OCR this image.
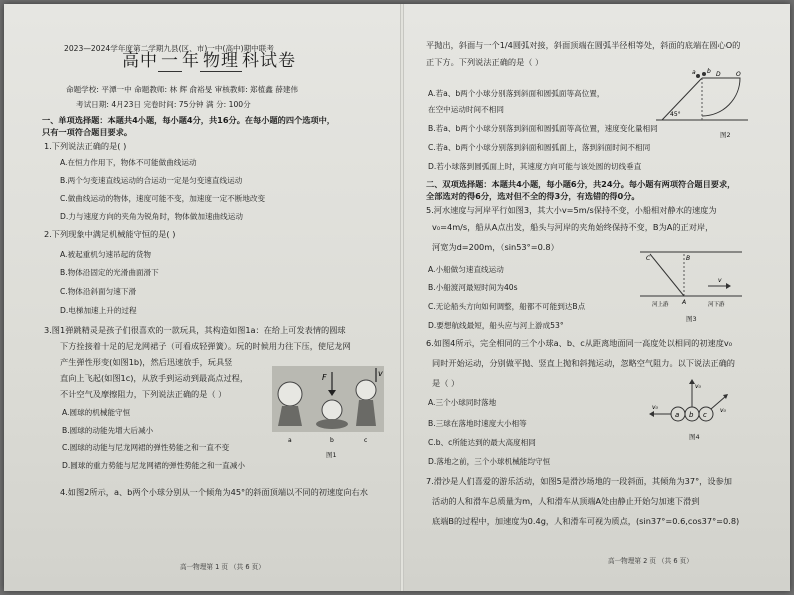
2023—2024学年度第二学期九县(区、市)一中(高中)期中联考
高中 一 年 物理 科试卷
命题学校: 平潭一中 命题教师: 林 辉 俞裕旻 审核教师: 郑植鑫 薛建伟
考试日期: 4月23日 完卷时间: 75分钟 满 分: 100分
一、单项选择题：本题共4小题，每小题4分，共16分。在每小题的四个选项中，
只有一项符合题目要求。
1.下列说法正确的是( )
A.在恒力作用下，物体不可能做曲线运动
B.两个匀变速直线运动的合运动一定是匀变速直线运动
C.做曲线运动的物体，速度可能不变，加速度一定不断地改变
D.力与速度方向的夹角为锐角时，物体做加速曲线运动
2.下列现象中满足机械能守恒的是( )
A.被起重机匀速吊起的货物
B.物体沿固定的光滑曲面滑下
C.物体沿斜面匀速下滑
D.电梯加速上升的过程
3.图1弹跳精灵是孩子们很喜欢的一款玩具，其构造如图1a：在给上可发表情的圆球
下方拴接着十足的尼龙网裙子（可看成轻弹簧）。玩的时候用力往下压，使尼龙网
产生弹性形变(如图1b)，然后迅速放手，玩具竖
直向上飞起(如图1c)，从放手到运动到最高点过程，
不计空气及摩擦阻力，下列说法正确的是（ ）
A.圆球的机械能守恒
B.圆球的动能先增大后减小
C.圆球的动能与尼龙网裙的弹性势能之和一直不变
D.圆球的重力势能与尼龙网裙的弹性势能之和一直减小
F	v
a	b	c
图1
4.如图2所示，a、b两个小球分别从一个倾角为45°的斜面顶端以不同的初速度向右水
高一物理第 1 页 （共 6 页）
平抛出，斜面与一个1/4圆弧对接，斜面顶端在圆弧半径相等处，斜面的底端在圆心O的
正下方。下列说法正确的是（ ）
A.若a、b两个小球分别落到斜面和圆弧面等高位置，
在空中运动时间不相同
B.若a、b两个小球分别落到斜面和圆弧面等高位置，速度变化量相同
C.若a、b两个小球分别落到斜面和圆弧面上，落到斜面时间不相同
D.若小球落到圆弧面上时，其速度方向可能与该处圆的切线垂直
a b	O
D
45°
图2
二、双项选择题：本题共4小题，每小题6分，共24分。每小题有两项符合题目要求，
全部选对的得6分，选对但不全的得3分，有选错的得0分。
5.河水速度与河岸平行如图3，其大小v=5m/s保持不变，小船相对静水的速度为
v₀=4m/s，船从A点出发，船头与河岸的夹角始终保持不变，B为A的正对岸，
河宽为d=200m，（sin53°=0.8）
A.小船做匀速直线运动
B.小船渡河最短时间为40s
C.无论船头方向如何调整，船都不可能到达B点
D.要想航线最短，船头应与河上游成53°
B
C
A
v
河上游	河下游
图3
6.如图4所示，完全相同的三个小球a、b、c从距离地面同一高度处以相同的初速度v₀
同时开始运动，分别做平抛、竖直上抛和斜抛运动，忽略空气阻力。以下说法正确的
是（ ）
A.三个小球同时落地
B.三球在落地时速度大小相等
C.b、c所能达到的最大高度相同
D.落地之前，三个小球机械能均守恒
a b c
v₀
v₀
v₀
图4
7.滑沙是人们喜爱的游乐活动，如图5是滑沙场地的一段斜面，其倾角为37°，设参加
活动的人和滑车总质量为m，人和滑车从顶端A处由静止开始匀加速下滑到
底端B的过程中，加速度为0.4g，人和滑车可视为质点，(sin37°=0.6,cos37°=0.8)
高一物理第 2 页 （共 6 页）
